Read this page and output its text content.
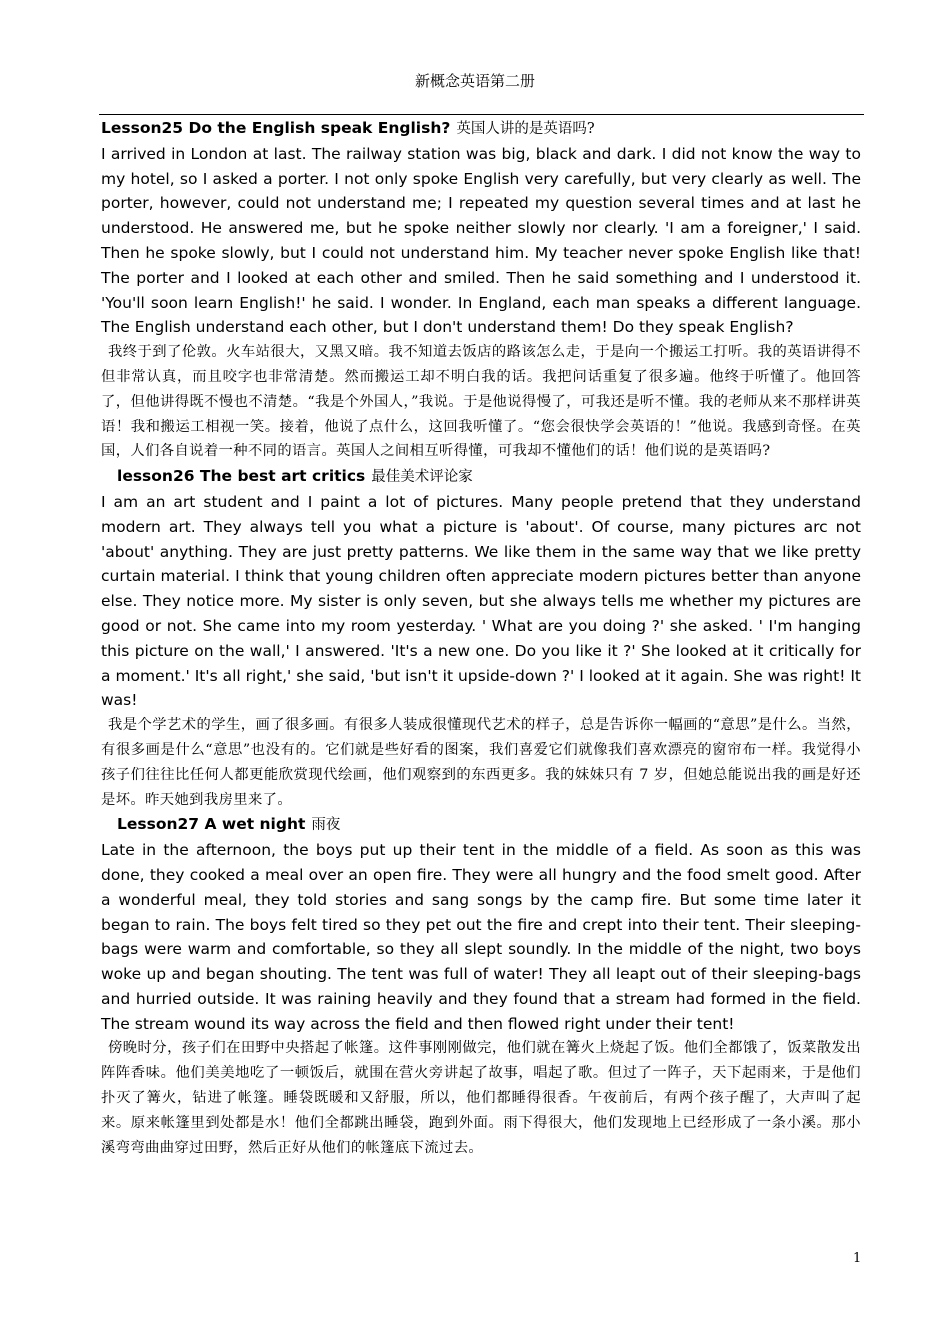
新概念英语第二册

Lesson25 Do the English speak English? 英国人讲的是英语吗?

I arrived in London at last. The railway station was big, black and dark. I did not know the way to my hotel, so I asked a porter. I not only spoke English very carefully, but very clearly as well. The porter, however, could not understand me; I repeated my question several times and at last he understood. He answered me, but he spoke neither slowly nor clearly. 'I am a foreigner,' I said. Then he spoke slowly, but I could not understand him. My teacher never spoke English like that! The porter and I looked at each other and smiled. Then he said something and I understood it. 'You'll soon learn English!' he said. I wonder. In England, each man speaks a different language. The English understand each other, but I don't understand them! Do they speak English?

我终于到了伦敦。火车站很大，又黑又暗。我不知道去饭店的路该怎么走，于是向一个搬运工打听。我的英语讲得不但非常认真，而且咬字也非常清楚。然而搬运工却不明白我的话。我把问话重复了很多遍。他终于听懂了。他回答了，但他讲得既不慢也不清楚。“我是个外国人，”我说。于是他说得慢了，可我还是听不懂。我的老师从来不那样讲英语！我和搬运工相视一笑。接着，他说了点什么，这回我听懂了。“您会很快学会英语的！”他说。我感到奇怪。在英国，人们各自说着一种不同的语言。英国人之间相互听得懂，可我却不懂他们的话！他们说的是英语吗?

lesson26 The best art critics 最佳美术评论家

I am an art student and I paint a lot of pictures. Many people pretend that they understand modern art. They always tell you what a picture is 'about'. Of course, many pictures arc not 'about' anything. They are just pretty patterns. We like them in the same way that we like pretty curtain material. I think that young children often appreciate modern pictures better than anyone else. They notice more. My sister is only seven, but she always tells me whether my pictures are good or not. She came into my room yesterday. ' What are you doing ?' she asked. ' I'm hanging this picture on the wall,' I answered. 'It's a new one. Do you like it ?' She looked at it critically for a moment.' It's all right,' she said, 'but isn't it upside-down ?' I looked at it again. She was right! It was!

我是个学艺术的学生，画了很多画。有很多人装成很懂现代艺术的样子，总是告诉你一幅画的“意思”是什么。当然，有很多画是什么“意思”也没有的。它们就是些好看的图案，我们喜爱它们就像我们喜欢漂亮的窗帘布一样。我觉得小孩子们往往比任何人都更能欣赏现代绘画，他们观察到的东西更多。我的妹妹只有 7 岁，但她总能说出我的画是好还是坏。昨天她到我房里来了。

Lesson27 A wet night 雨夜

Late in the afternoon, the boys put up their tent in the middle of a field. As soon as this was done, they cooked a meal over an open fire. They were all hungry and the food smelt good. After a wonderful meal, they told stories and sang songs by the camp fire. But some time later it began to rain. The boys felt tired so they pet out the fire and crept into their tent. Their sleeping-bags were warm and comfortable, so they all slept soundly. In the middle of the night, two boys woke up and began shouting. The tent was full of water! They all leapt out of their sleeping-bags and hurried outside. It was raining heavily and they found that a stream had formed in the field. The stream wound its way across the field and then flowed right under their tent!

傍晚时分，孩子们在田野中央搭起了帐篷。这件事刚刚做完，他们就在篝火上烧起了饭。他们全都饿了，饭菜散发出阵阵香味。他们美美地吃了一顿饭后，就围在营火旁讲起了故事，唱起了歌。但过了一阵子，天下起雨来，于是他们扑灭了篝火，钻进了帐篷。睡袋既暖和又舒服，所以，他们都睡得很香。午夜前后，有两个孩子醒了，大声叫了起来。原来帐篷里到处都是水！他们全都跳出睡袋，跑到外面。雨下得很大，他们发现地上已经形成了一条小溪。那小溪弯弯曲曲穿过田野，然后正好从他们的帐篷底下流过去。

1
